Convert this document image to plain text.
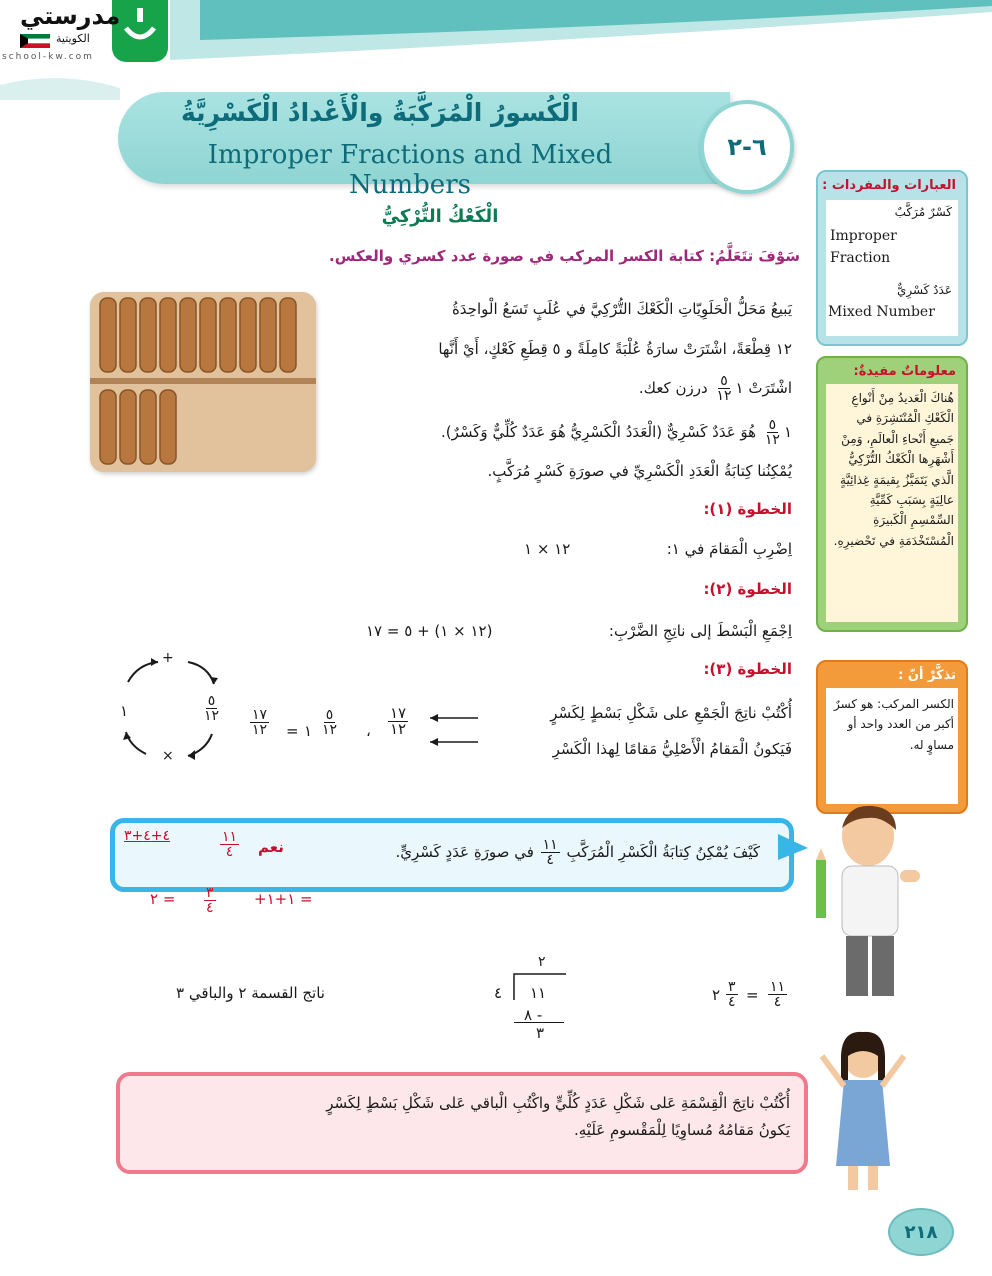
مدرستي
الكويتية
school-kw.com
الْكُسورُ الْمُرَكَّبَةُ والْأَعْدادُ الْكَسْرِيَّةُ
Improper Fractions and Mixed Numbers
٦-٢
العبارات والمفردات :
كَسْرٌ مُرَكَّبٌ
Improper
Fraction
عَدَدٌ كَسْرِيٌّ
Mixed Number
معلوماتٌ مفيدةٌ:
هُناكَ الْعَديدُ مِنْ أَنْواعِ الْكَعْكِ الْمُنْتَشِرَةِ في جَميعِ أَنْحاءِ الْعالَمِ، وَمِنْ أَشْهَرِها الْكَعْكُ التُّرْكِيُّ الَّذي يَتَمَيَّزُ بِقيمَةٍ غِذائِيَّةٍ عالِيَةٍ بِسَبَبِ كَمِّيَّةِ السِّمْسِمِ الْكَبيرَةِ الْمُسْتَخْدَمَةِ في تَحْضيرِهِ.
تذكَّرْ أنّ :
الكسر المركب: هو كسرٌ أكبر من العدد واحد أو مساوٍ له.
الْكَعْكُ التُّرْكِيُّ
سَوْفَ تتَعَلَّمُ: كتابة الكسر المركب في صورة عدد كسري والعكس.
يَبيعُ مَحَلُّ الْحَلَوِيّاتِ الْكَعْكَ التُّرْكِيَّ في عُلَبٍ تَسَعُ الْواحِدَةُ
١٢ قِطْعَةً، اشْتَرَتْ سارَةُ عُلْبَةً كامِلَةً و ٥ قِطَعِ كَعْكٍ، أَيْ أَنَّها
اشْتَرَتْ ١
$\frac{٥}{١٢}$
درزن كعك.
١
$\frac{٥}{١٢}$
هُوَ عَدَدٌ كَسْرِيٌّ (الْعَدَدُ الْكَسْرِيُّ هُوَ عَدَدٌ كُلِّيٌّ وَكَسْرٌ).
يُمْكِنُنا كِتابَةُ الْعَدَدِ الْكَسْرِيِّ في صورَةِ كَسْرٍ مُرَكَّبٍ.
الخطوة (١):
اِضْرِبِ الْمَقامَ في ١:
١٢ × ١
الخطوة (٢):
اِجْمَعِ الْبَسْطَ إلى ناتِجِ الضَّرْبِ:
(١٢ × ١) + ٥ = ١٧
الخطوة (٣):
أُكْتُبْ ناتِجَ الْجَمْعِ على شَكْلِ بَسْطٍ لِكَسْرٍ
فَيَكونُ الْمَقامُ الْأَصْلِيُّ مَقامًا لِهذا الْكَسْرِ
١٧
١٢
،
١
٥
١٢
=
١٧
١٢
+
×
١
٥
١٢
كَيْفَ يُمْكِنُ كِتابَةُ الْكَسْرِ الْمُرَكَّبِ
$\frac{١١}{٤}$
في صورَةِ عَدَدٍ كَسْرِيٍّ.
نعم
١١
٤
٤+٤+٣
= ١+١+
٣
٤
= ٢
ناتج القسمة ٢ والباقي ٣
٢
٤ ١١
٨ -
٣
٢ ٣
٤ = ١١
٤
أُكْتُبْ ناتِجَ الْقِسْمَةِ عَلى شَكْلِ عَدَدٍ كُلِّيٍّ واكْتُبِ الْباقي عَلى شَكْلِ بَسْطٍ لِكَسْرٍ
يَكونُ مَقامُهُ مُساوِيًا لِلْمَقْسومِ عَلَيْهِ.
٢١٨
